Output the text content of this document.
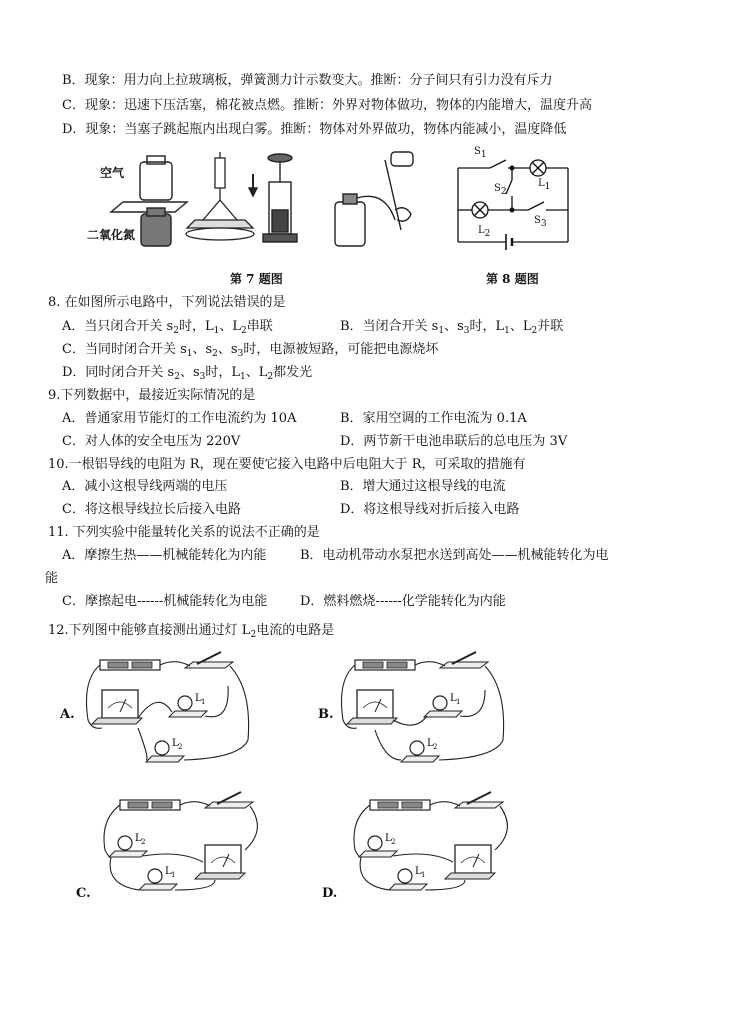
B．现象：用力向上拉玻璃板，弹簧测力计示数变大。推断：分子间只有引力没有斥力
C．现象：迅速下压活塞，棉花被点燃。推断：外界对物体做功，物体的内能增大，温度升高
D．现象：当塞子跳起瓶内出现白雾。推断：物体对外界做功，物体内能减小，温度降低
空气
二氧化氮
第 7 题图
S1
S2
S3
L1
L2
第 8 题图
8. 在如图所示电路中，下列说法错误的是
A．当只闭合开关 $s_2$时，$L_1$、$L_2$串联	B．当闭合开关 $s_1$、$s_3$时，$L_1$、$L_2$并联
C．当同时闭合开关 $s_1$、$s_2$、$s_3$时，电源被短路，可能把电源烧坏
D．同时闭合开关 $s_2$、$s_3$时，$L_1$、$L_2$都发光
9.下列数据中，最接近实际情况的是
A．普通家用节能灯的工作电流约为 10A	B．家用空调的工作电流为 0.1A
C．对人体的安全电压为 220V	D．两节新干电池串联后的总电压为 3V
10.一根铝导线的电阻为 R，现在要使它接入电路中后电阻大于 R，可采取的措施有
A．减小这根导线两端的电压	B．增大通过这根导线的电流
C．将这根导线拉长后接入电路	D．将这根导线对折后接入电路
11. 下列实验中能量转化关系的说法不正确的是
A．摩擦生热——机械能转化为内能	B．电动机带动水泵把水送到高处——机械能转化为电
能
C．摩擦起电------机械能转化为电能	D．燃料燃烧------化学能转化为内能
12.下列图中能够直接测出通过灯 $L_2$电流的电路是
L 1
L 2
L 1
L 2
L 2
L 1
L 2
L 1
A.	B.
C.	D.
